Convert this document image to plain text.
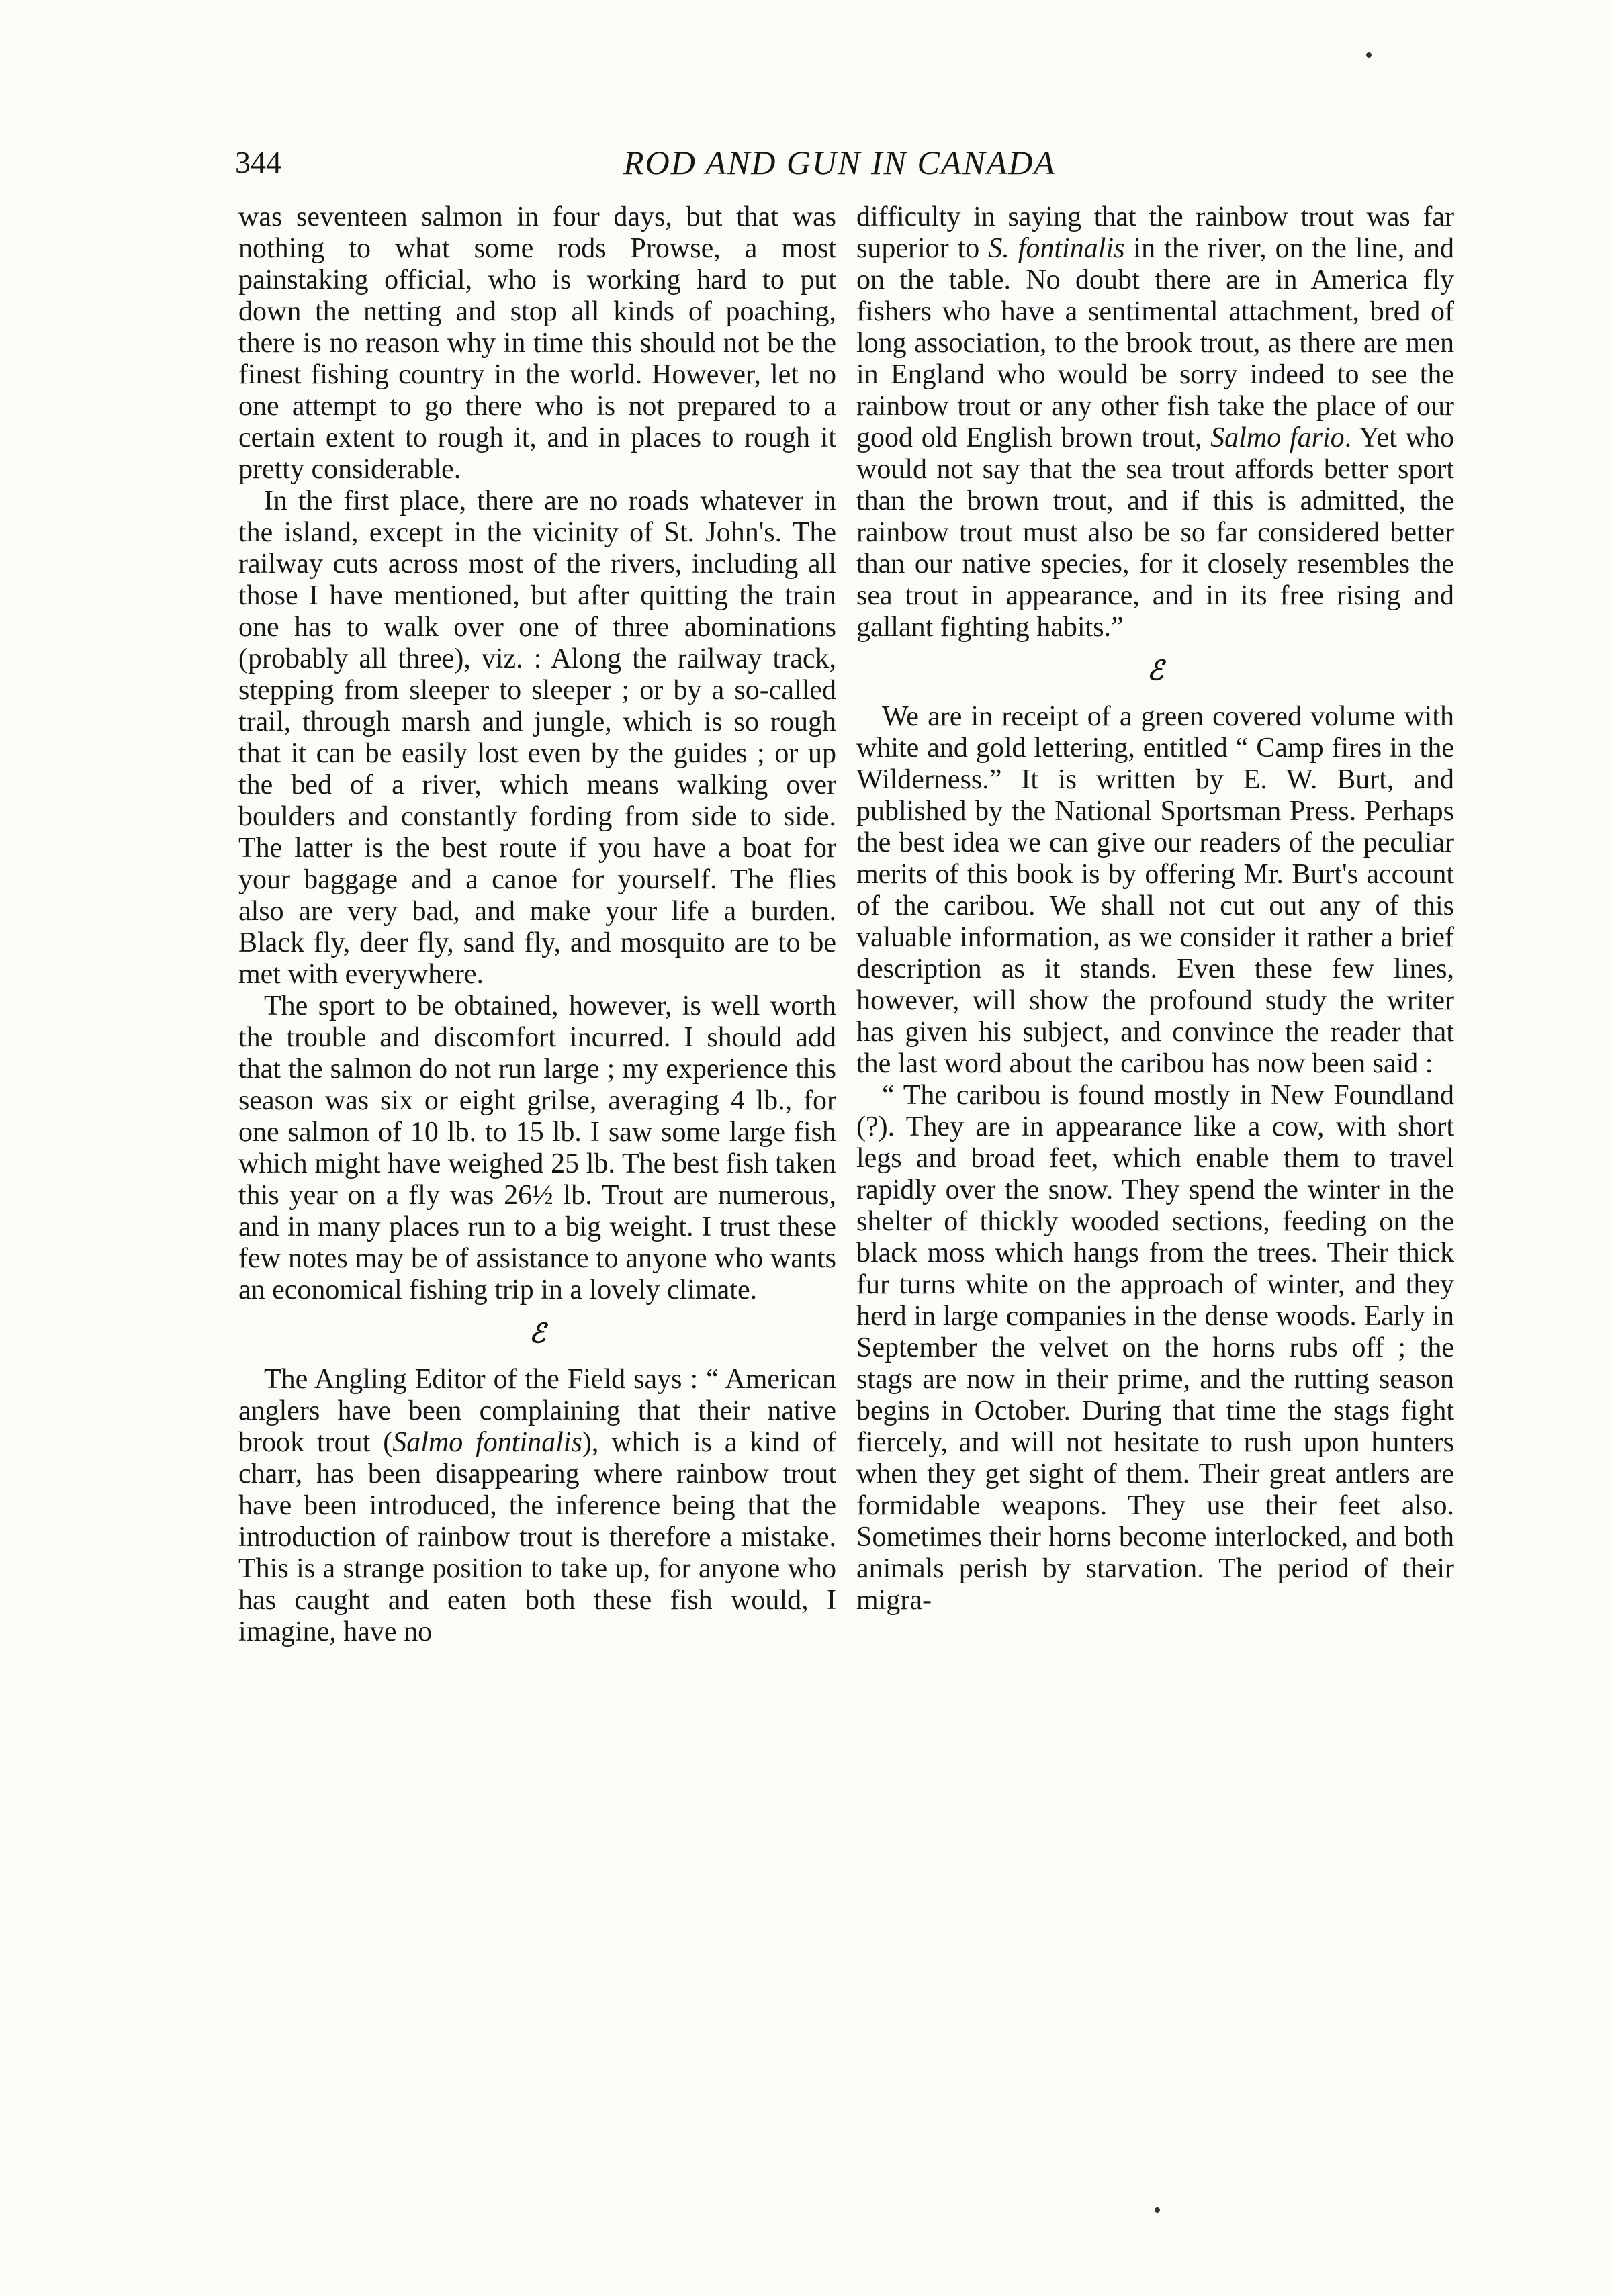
344	ROD AND GUN IN CANADA

was seventeen salmon in four days, but that was nothing to what some rods Prowse, a most painstaking official, who is working hard to put down the netting and stop all kinds of poaching, there is no reason why in time this should not be the finest fishing country in the world. However, let no one attempt to go there who is not prepared to a certain extent to rough it, and in places to rough it pretty considerable.

In the first place, there are no roads whatever in the island, except in the vicinity of St. John's. The railway cuts across most of the rivers, including all those I have mentioned, but after quitting the train one has to walk over one of three abominations (probably all three), viz. : Along the railway track, stepping from sleeper to sleeper ; or by a so-called trail, through marsh and jungle, which is so rough that it can be easily lost even by the guides ; or up the bed of a river, which means walking over boulders and constantly fording from side to side. The latter is the best route if you have a boat for your baggage and a canoe for yourself. The flies also are very bad, and make your life a burden. Black fly, deer fly, sand fly, and mosquito are to be met with everywhere.

The sport to be obtained, however, is well worth the trouble and discomfort incurred. I should add that the salmon do not run large ; my experience this season was six or eight grilse, averaging 4 lb., for one salmon of 10 lb. to 15 lb. I saw some large fish which might have weighed 25 lb. The best fish taken this year on a fly was 26½ lb. Trout are numerous, and in many places run to a big weight. I trust these few notes may be of assistance to anyone who wants an economical fishing trip in a lovely climate.

ℰ

The Angling Editor of the Field says : “ American anglers have been complaining that their native brook trout (Salmo fontinalis), which is a kind of charr, has been disappearing where rainbow trout have been introduced, the inference being that the introduction of rainbow trout is therefore a mistake. This is a strange position to take up, for anyone who has caught and eaten both these fish would, I imagine, have no

difficulty in saying that the rainbow trout was far superior to S. fontinalis in the river, on the line, and on the table. No doubt there are in America fly fishers who have a sentimental attachment, bred of long association, to the brook trout, as there are men in England who would be sorry indeed to see the rainbow trout or any other fish take the place of our good old English brown trout, Salmo fario. Yet who would not say that the sea trout affords better sport than the brown trout, and if this is admitted, the rainbow trout must also be so far considered better than our native species, for it closely resembles the sea trout in appearance, and in its free rising and gallant fighting habits.”

ℰ

We are in receipt of a green covered volume with white and gold lettering, entitled “ Camp fires in the Wilderness.” It is written by E. W. Burt, and published by the National Sportsman Press. Perhaps the best idea we can give our readers of the peculiar merits of this book is by offering Mr. Burt's account of the caribou. We shall not cut out any of this valuable information, as we consider it rather a brief description as it stands. Even these few lines, however, will show the profound study the writer has given his subject, and convince the reader that the last word about the caribou has now been said :

“ The caribou is found mostly in New Foundland (?). They are in appearance like a cow, with short legs and broad feet, which enable them to travel rapidly over the snow. They spend the winter in the shelter of thickly wooded sections, feeding on the black moss which hangs from the trees. Their thick fur turns white on the approach of winter, and they herd in large companies in the dense woods. Early in September the velvet on the horns rubs off ; the stags are now in their prime, and the rutting season begins in October. During that time the stags fight fiercely, and will not hesitate to rush upon hunters when they get sight of them. Their great antlers are formidable weapons. They use their feet also. Sometimes their horns become interlocked, and both animals perish by starvation. The period of their migra-
